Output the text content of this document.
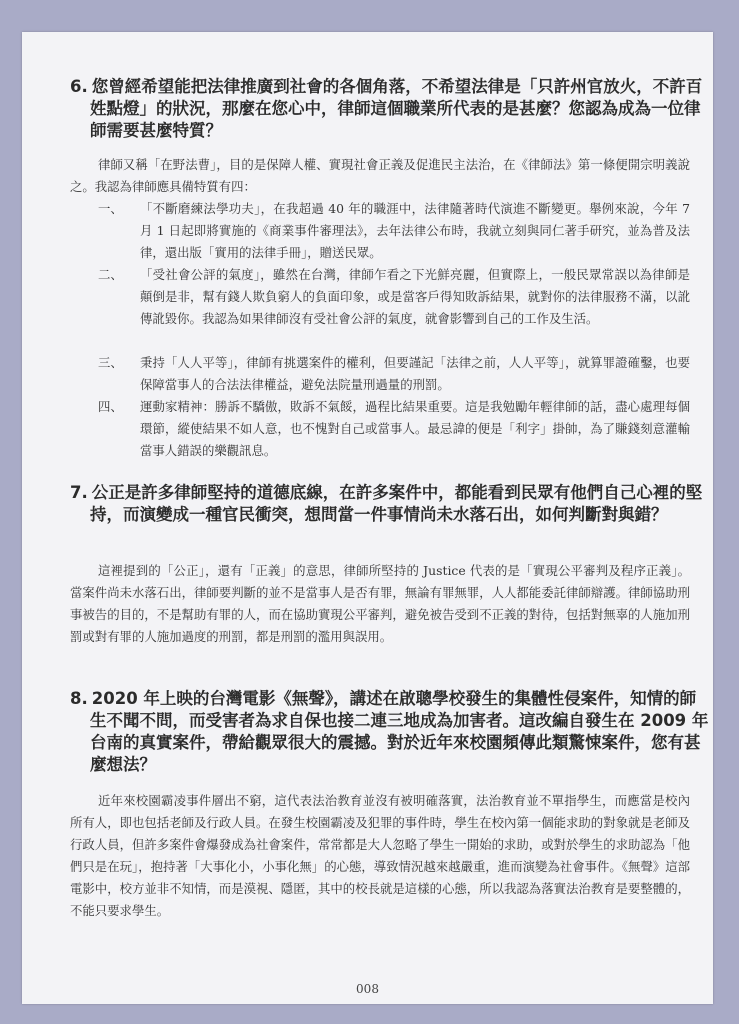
6. 您曾經希望能把法律推廣到社會的各個角落，不希望法律是「只許州官放火，不許百姓點燈」的狀況，那麼在您心中，律師這個職業所代表的是甚麼？您認為成為一位律師需要甚麼特質？
律師又稱「在野法曹」，目的是保障人權、實現社會正義及促進民主法治，在《律師法》第一條便開宗明義說之。我認為律師應具備特質有四：
一、 「不斷磨練法學功夫」，在我超過 40 年的職涯中，法律隨著時代演進不斷變更。舉例來說，今年 7 月 1 日起即將實施的《商業事件審理法》，去年法律公布時，我就立刻與同仁著手研究，並為普及法律，還出版「實用的法律手冊」，贈送民眾。
二、 「受社會公評的氣度」，雖然在台灣，律師乍看之下光鮮亮麗，但實際上，一般民眾常誤以為律師是顛倒是非，幫有錢人欺負窮人的負面印象，或是當客戶得知敗訴結果，就對你的法律服務不滿，以訛傳訛毀你。我認為如果律師沒有受社會公評的氣度，就會影響到自己的工作及生活。
三、 秉持「人人平等」，律師有挑選案件的權利，但要謹記「法律之前，人人平等」，就算罪證確鑿，也要保障當事人的合法法律權益，避免法院量刑過量的刑罰。
四、 運動家精神：勝訴不驕傲，敗訴不氣餒，過程比結果重要。這是我勉勵年輕律師的話，盡心處理每個環節，縱使結果不如人意，也不愧對自己或當事人。最忌諱的便是「利字」掛帥，為了賺錢刻意灌輸當事人錯誤的樂觀訊息。
7. 公正是許多律師堅持的道德底線，在許多案件中，都能看到民眾有他們自己心裡的堅持，而演變成一種官民衝突，想問當一件事情尚未水落石出，如何判斷對與錯？
這裡提到的「公正」，還有「正義」的意思，律師所堅持的 Justice 代表的是「實現公平審判及程序正義」。當案件尚未水落石出，律師要判斷的並不是當事人是否有罪，無論有罪無罪，人人都能委託律師辯護。律師協助刑事被告的目的，不是幫助有罪的人，而在協助實現公平審判，避免被告受到不正義的對待，包括對無辜的人施加刑罰或對有罪的人施加過度的刑罰，都是刑罰的濫用與誤用。
8. 2020 年上映的台灣電影《無聲》，講述在啟聰學校發生的集體性侵案件，知情的師生不聞不問，而受害者為求自保也接二連三地成為加害者。這改編自發生在 2009 年台南的真實案件，帶給觀眾很大的震撼。對於近年來校園頻傳此類驚悚案件，您有甚麼想法？
近年來校園霸凌事件層出不窮，這代表法治教育並沒有被明確落實，法治教育並不單指學生，而應當是校內所有人，即也包括老師及行政人員。在發生校園霸凌及犯罪的事件時，學生在校內第一個能求助的對象就是老師及行政人員，但許多案件會爆發成為社會案件，常常都是大人忽略了學生一開始的求助，或對於學生的求助認為「他們只是在玩」，抱持著「大事化小，小事化無」的心態，導致情況越來越嚴重，進而演變為社會事件。《無聲》這部電影中，校方並非不知情，而是漠視、隱匿，其中的校長就是這樣的心態，所以我認為落實法治教育是要整體的，不能只要求學生。
008
